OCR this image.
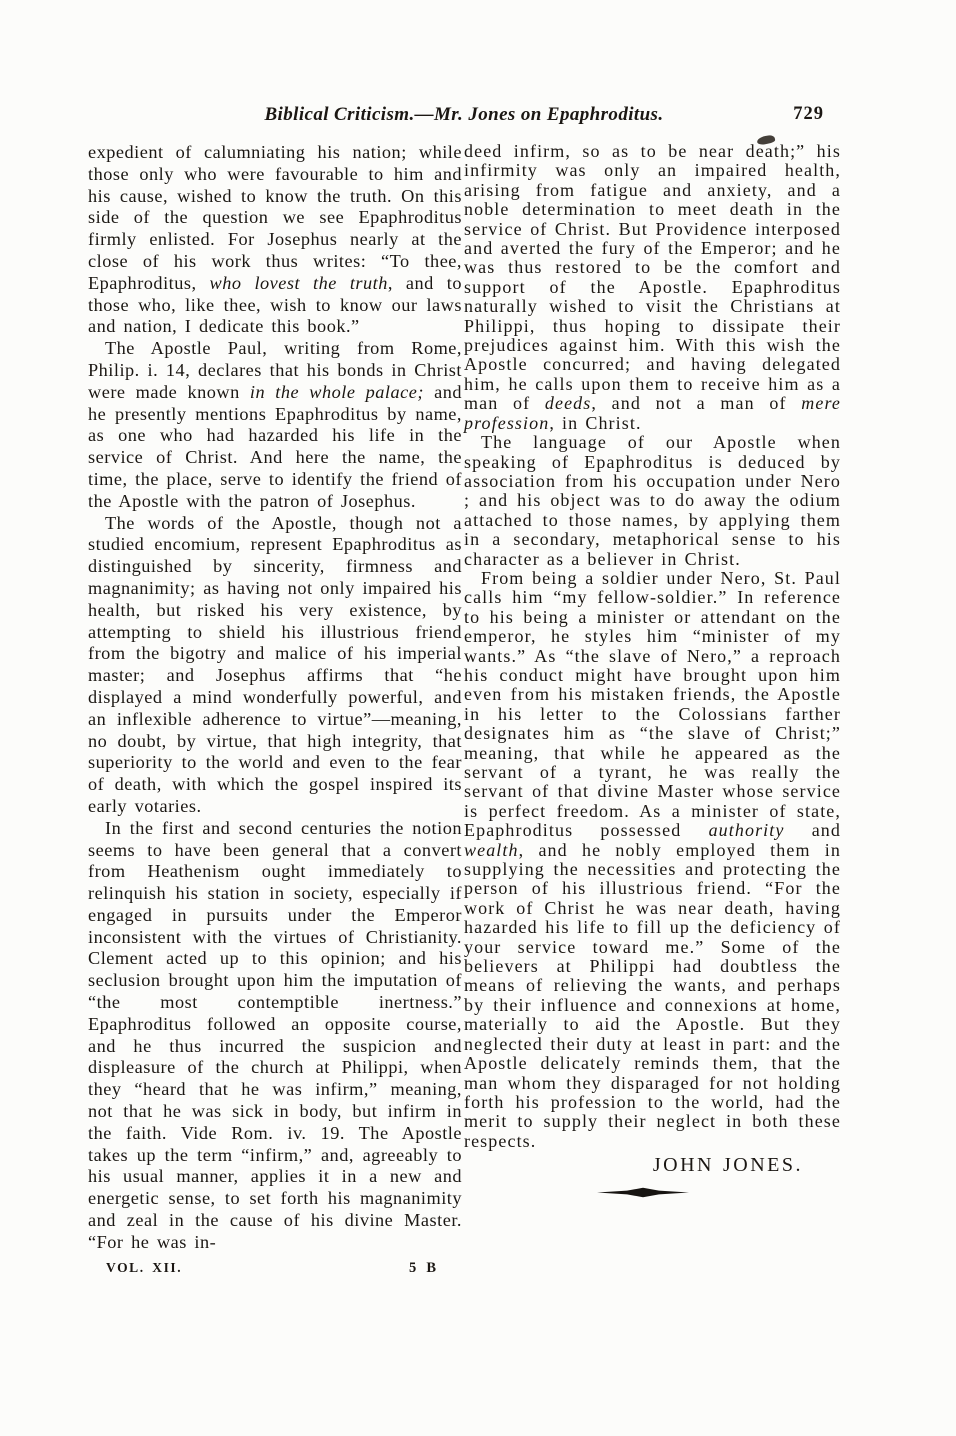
Biblical Criticism.—Mr. Jones on Epaphroditus.	729

expedient of calumniating his nation; while those only who were favourable to him and his cause, wished to know the truth. On this side of the question we see Epaphroditus firmly enlisted. For Josephus nearly at the close of his work thus writes: “To thee, Epaphroditus, who lovest the truth, and to those who, like thee, wish to know our laws and nation, I dedicate this book.”

The Apostle Paul, writing from Rome, Philip. i. 14, declares that his bonds in Christ were made known in the whole palace; and he presently mentions Epaphroditus by name, as one who had hazarded his life in the service of Christ. And here the name, the time, the place, serve to identify the friend of the Apostle with the patron of Josephus.

The words of the Apostle, though not a studied encomium, represent Epaphroditus as distinguished by sincerity, firmness and magnanimity; as having not only impaired his health, but risked his very existence, by attempting to shield his illustrious friend from the bigotry and malice of his imperial master; and Josephus affirms that “he displayed a mind wonderfully powerful, and an inflexible adherence to virtue”—meaning, no doubt, by virtue, that high integrity, that superiority to the world and even to the fear of death, with which the gospel inspired its early votaries.

In the first and second centuries the notion seems to have been general that a convert from Heathenism ought immediately to relinquish his station in society, especially if engaged in pursuits under the Emperor inconsistent with the virtues of Christianity. Clement acted up to this opinion; and his seclusion brought upon him the imputation of “the most contemptible inertness.” Epaphroditus followed an opposite course, and he thus incurred the suspicion and displeasure of the church at Philippi, when they “heard that he was infirm,” meaning, not that he was sick in body, but infirm in the faith. Vide Rom. iv. 19. The Apostle takes up the term “infirm,” and, agreeably to his usual manner, applies it in a new and energetic sense, to set forth his magnanimity and zeal in the cause of his divine Master. “For he was in-

VOL. XII.	5 B

deed infirm, so as to be near death;” his infirmity was only an impaired health, arising from fatigue and anxiety, and a noble determination to meet death in the service of Christ. But Providence interposed and averted the fury of the Emperor; and he was thus restored to be the comfort and support of the Apostle. Epaphroditus naturally wished to visit the Christians at Philippi, thus hoping to dissipate their prejudices against him. With this wish the Apostle concurred; and having delegated him, he calls upon them to receive him as a man of deeds, and not a man of mere profession, in Christ.

The language of our Apostle when speaking of Epaphroditus is deduced by association from his occupation under Nero ; and his object was to do away the odium attached to those names, by applying them in a secondary, metaphorical sense to his character as a believer in Christ.

From being a soldier under Nero, St. Paul calls him “my fellow-soldier.” In reference to his being a minister or attendant on the emperor, he styles him “minister of my wants.” As “the slave of Nero,” a reproach his conduct might have brought upon him even from his mistaken friends, the Apostle in his letter to the Colossians farther designates him as “the slave of Christ;” meaning, that while he appeared as the servant of a tyrant, he was really the servant of that divine Master whose service is perfect freedom. As a minister of state, Epaphroditus possessed authority and wealth, and he nobly employed them in supplying the necessities and protecting the person of his illustrious friend. “For the work of Christ he was near death, having hazarded his life to fill up the deficiency of your service toward me.” Some of the believers at Philippi had doubtless the means of relieving the wants, and perhaps by their influence and connexions at home, materially to aid the Apostle. But they neglected their duty at least in part: and the Apostle delicately reminds them, that the man whom they disparaged for not holding forth his profession to the world, had the merit to supply their neglect in both these respects.

JOHN JONES.
